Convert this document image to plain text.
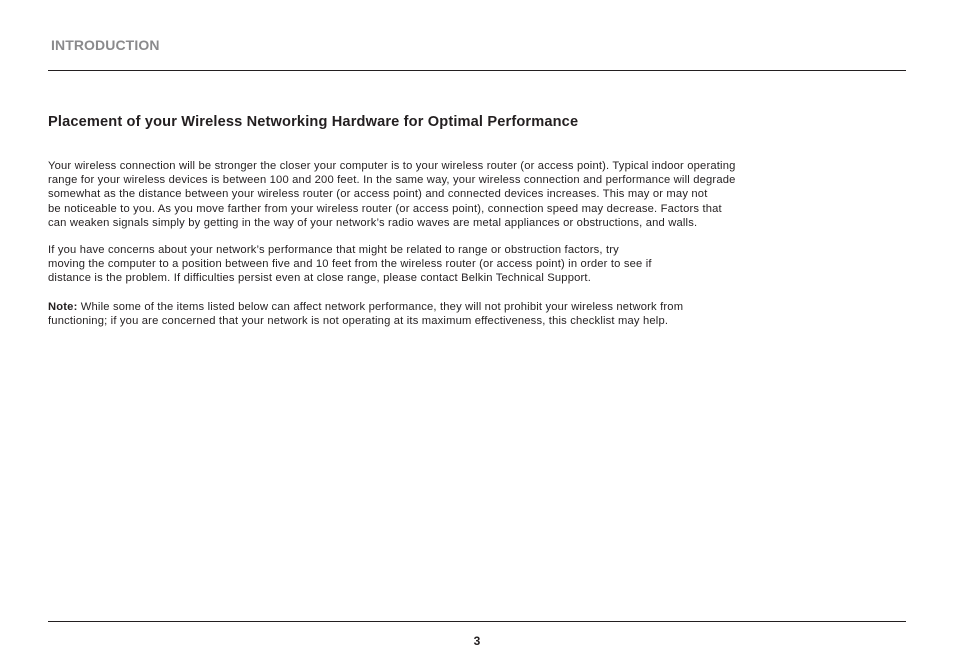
INTRODUCTION
Placement of your Wireless Networking Hardware for Optimal Performance

Your wireless connection will be stronger the closer your computer is to your wireless router (or access point). Typical indoor operating
range for your wireless devices is between 100 and 200 feet. In the same way, your wireless connection and performance will degrade
somewhat as the distance between your wireless router (or access point) and connected devices increases. This may or may not
be noticeable to you. As you move farther from your wireless router (or access point), connection speed may decrease. Factors that
can weaken signals simply by getting in the way of your network’s radio waves are metal appliances or obstructions, and walls.

If you have concerns about your network’s performance that might be related to range or obstruction factors, try
moving the computer to a position between five and 10 feet from the wireless router (or access point) in order to see if
distance is the problem. If difficulties persist even at close range, please contact Belkin Technical Support.

Note: While some of the items listed below can affect network performance, they will not prohibit your wireless network from
functioning; if you are concerned that your network is not operating at its maximum effectiveness, this checklist may help.

3
